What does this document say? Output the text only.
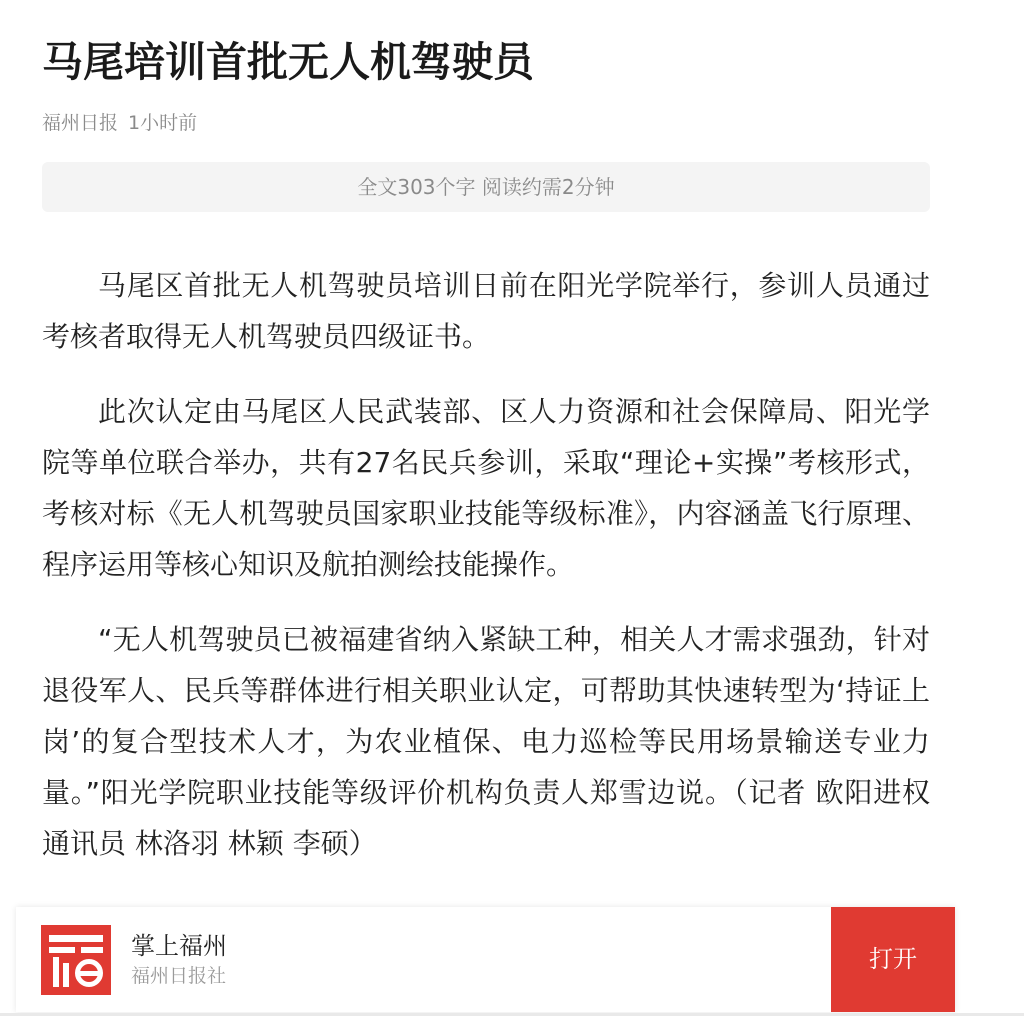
马尾培训首批无人机驾驶员
福州日报 1小时前
全文303个字 阅读约需2分钟

马尾区首批无人机驾驶员培训日前在阳光学院举行，参训人员通过考核者取得无人机驾驶员四级证书。

此次认定由马尾区人民武装部、区人力资源和社会保障局、阳光学院等单位联合举办，共有27名民兵参训，采取“理论+实操”考核形式，考核对标《无人机驾驶员国家职业技能等级标准》，内容涵盖飞行原理、程序运用等核心知识及航拍测绘技能操作。

“无人机驾驶员已被福建省纳入紧缺工种，相关人才需求强劲，针对退役军人、民兵等群体进行相关职业认定，可帮助其快速转型为‘持证上岗’的复合型技术人才，为农业植保、电力巡检等民用场景输送专业力量。”阳光学院职业技能等级评价机构负责人郑雪边说。（记者 欧阳进权 通讯员 林洛羽 林颖 李硕）

掌上福州
福州日报社
打开
